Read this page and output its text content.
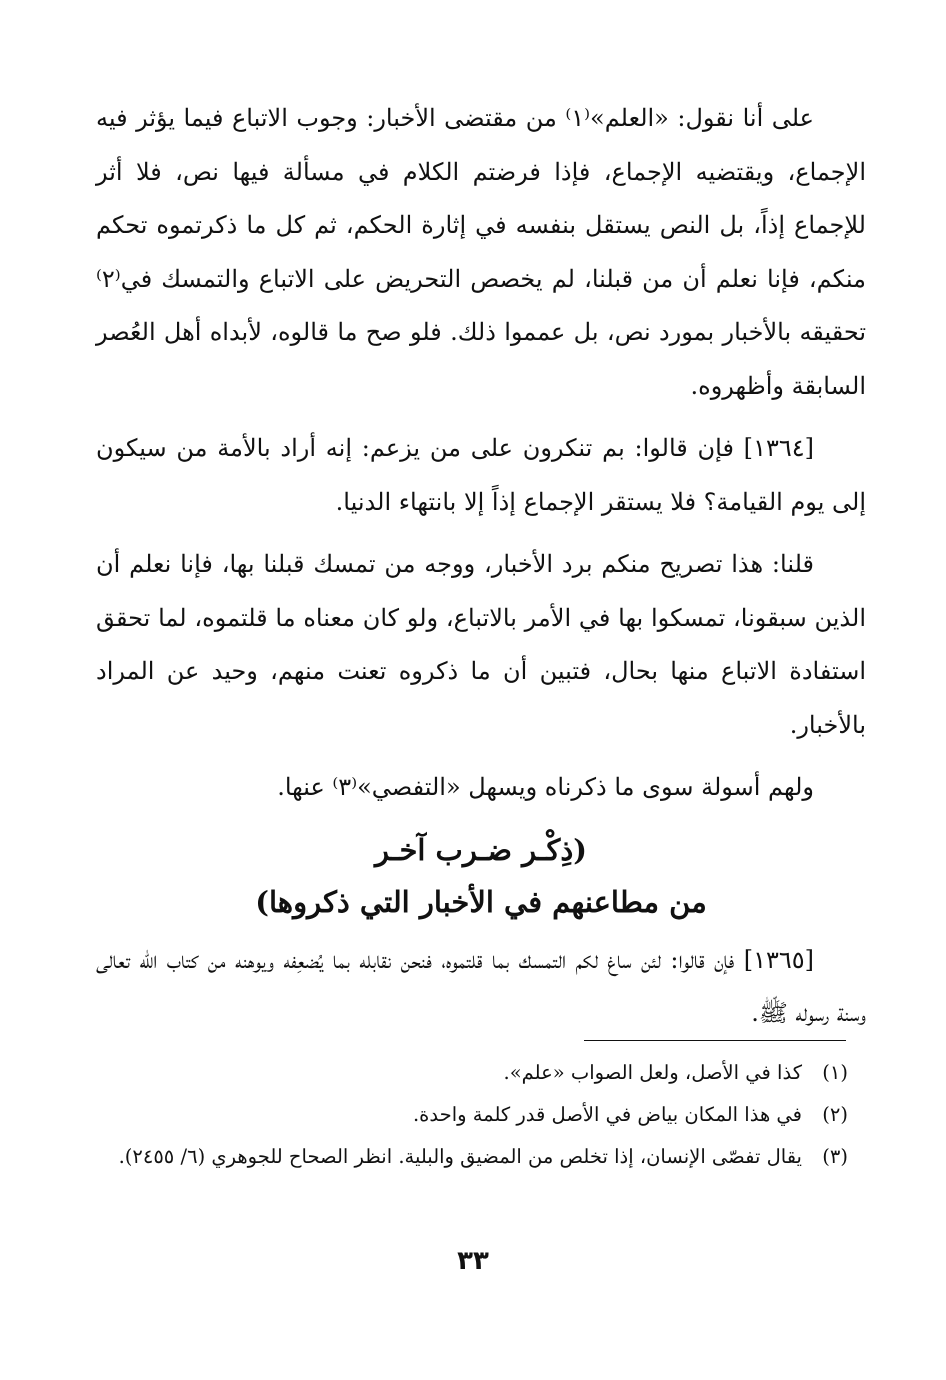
على أنا نقول: «العلم»⁽١⁾ من مقتضى الأخبار: وجوب الاتباع فيما يؤثر فيه الإجماع، ويقتضيه الإجماع، فإذا فرضتم الكلام في مسألة فيها نص، فلا أثر للإجماع إذاً، بل النص يستقل بنفسه في إثارة الحكم، ثم كل ما ذكرتموه تحكم منكم، فإنا نعلم أن من قبلنا، لم يخصص التحريض على الاتباع والتمسك في⁽٢⁾ تحقيقه بالأخبار بمورد نص، بل عمموا ذلك. فلو صح ما قالوه، لأبداه أهل العُصر السابقة وأظهروه.

[١٣٦٤] فإن قالوا: بم تنكرون على من يزعم: إنه أراد بالأمة من سيكون إلى يوم القيامة؟ فلا يستقر الإجماع إذاً إلا بانتهاء الدنيا.

قلنا: هذا تصريح منكم برد الأخبار، ووجه من تمسك قبلنا بها، فإنا نعلم أن الذين سبقونا، تمسكوا بها في الأمر بالاتباع، ولو كان معناه ما قلتموه، لما تحقق استفادة الاتباع منها بحال، فتبين أن ما ذكروه تعنت منهم، وحيد عن المراد بالأخبار.

ولهم أسولة سوى ما ذكرناه ويسهل «التفصي»⁽٣⁾ عنها.

(ذِكْـر ضـرب آخـر
من مطاعنهم في الأخبار التي ذكروها)

[١٣٦٥] فإن قالوا: لئن ساغ لكم التمسك بما قلتموه، فنحن نقابله بما يُضعِفه ويوهنه من كتاب الله تعالى وسنة رسوله ﷺ.

(١)
كذا في الأصل، ولعل الصواب «علم».
(٢)
في هذا المكان بياض في الأصل قدر كلمة واحدة.
(٣)
يقال تفصّى الإنسان، إذا تخلص من المضيق والبلية. انظر الصحاح للجوهري (٦/ ٢٤٥٥).
٣٣
